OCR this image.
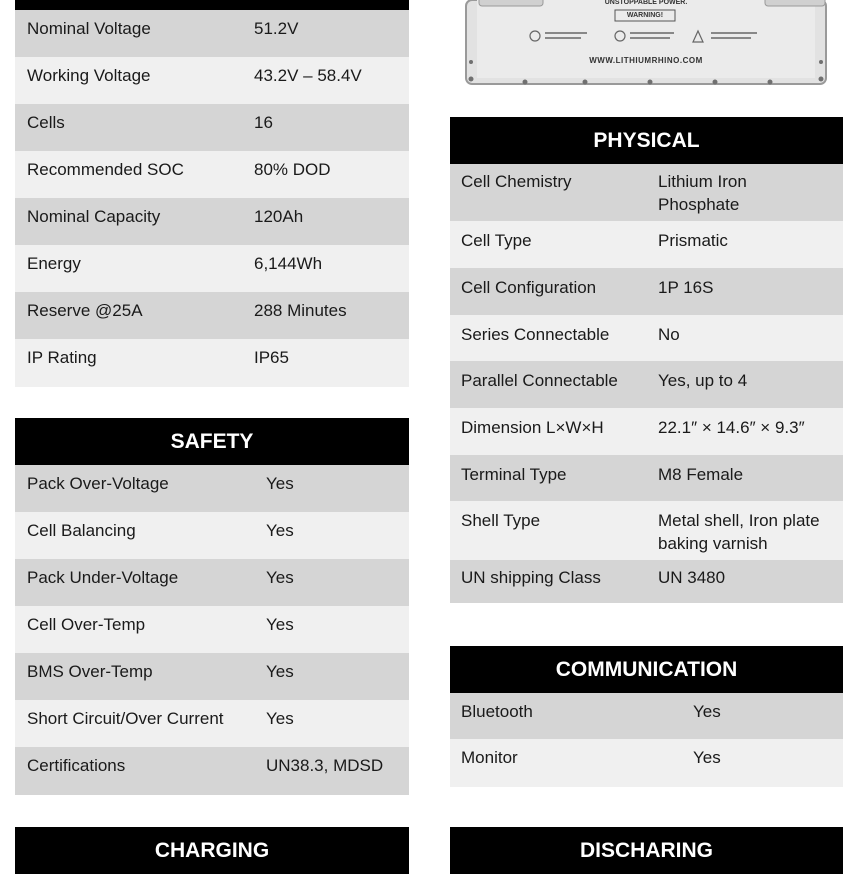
Nominal Voltage	51.2V
Working Voltage	43.2V – 58.4V
Cells	16
Recommended SOC	80% DOD
Nominal Capacity	120Ah
Energy	6,144Wh
Reserve @25A	288 Minutes
IP Rating	IP65
UNSTOPPABLE POWER.
WARNING!
WWW.LITHIUMRHINO.COM
SAFETY
Pack Over-Voltage	Yes
Cell Balancing	Yes
Pack Under-Voltage	Yes
Cell Over-Temp	Yes
BMS Over-Temp	Yes
Short Circuit/Over Current	Yes
Certifications	UN38.3, MDSD
PHYSICAL
Cell Chemistry	Lithium Iron
Phosphate
Cell Type	Prismatic
Cell Configuration	1P 16S
Series Connectable	No
Parallel Connectable	Yes, up to 4
Dimension L×W×H	22.1″ × 14.6″ × 9.3″
Terminal Type	M8 Female
Shell Type	Metal shell, Iron plate
baking varnish
UN shipping Class	UN 3480
COMMUNICATION
Bluetooth	Yes
Monitor	Yes
CHARGING	DISCHARING
